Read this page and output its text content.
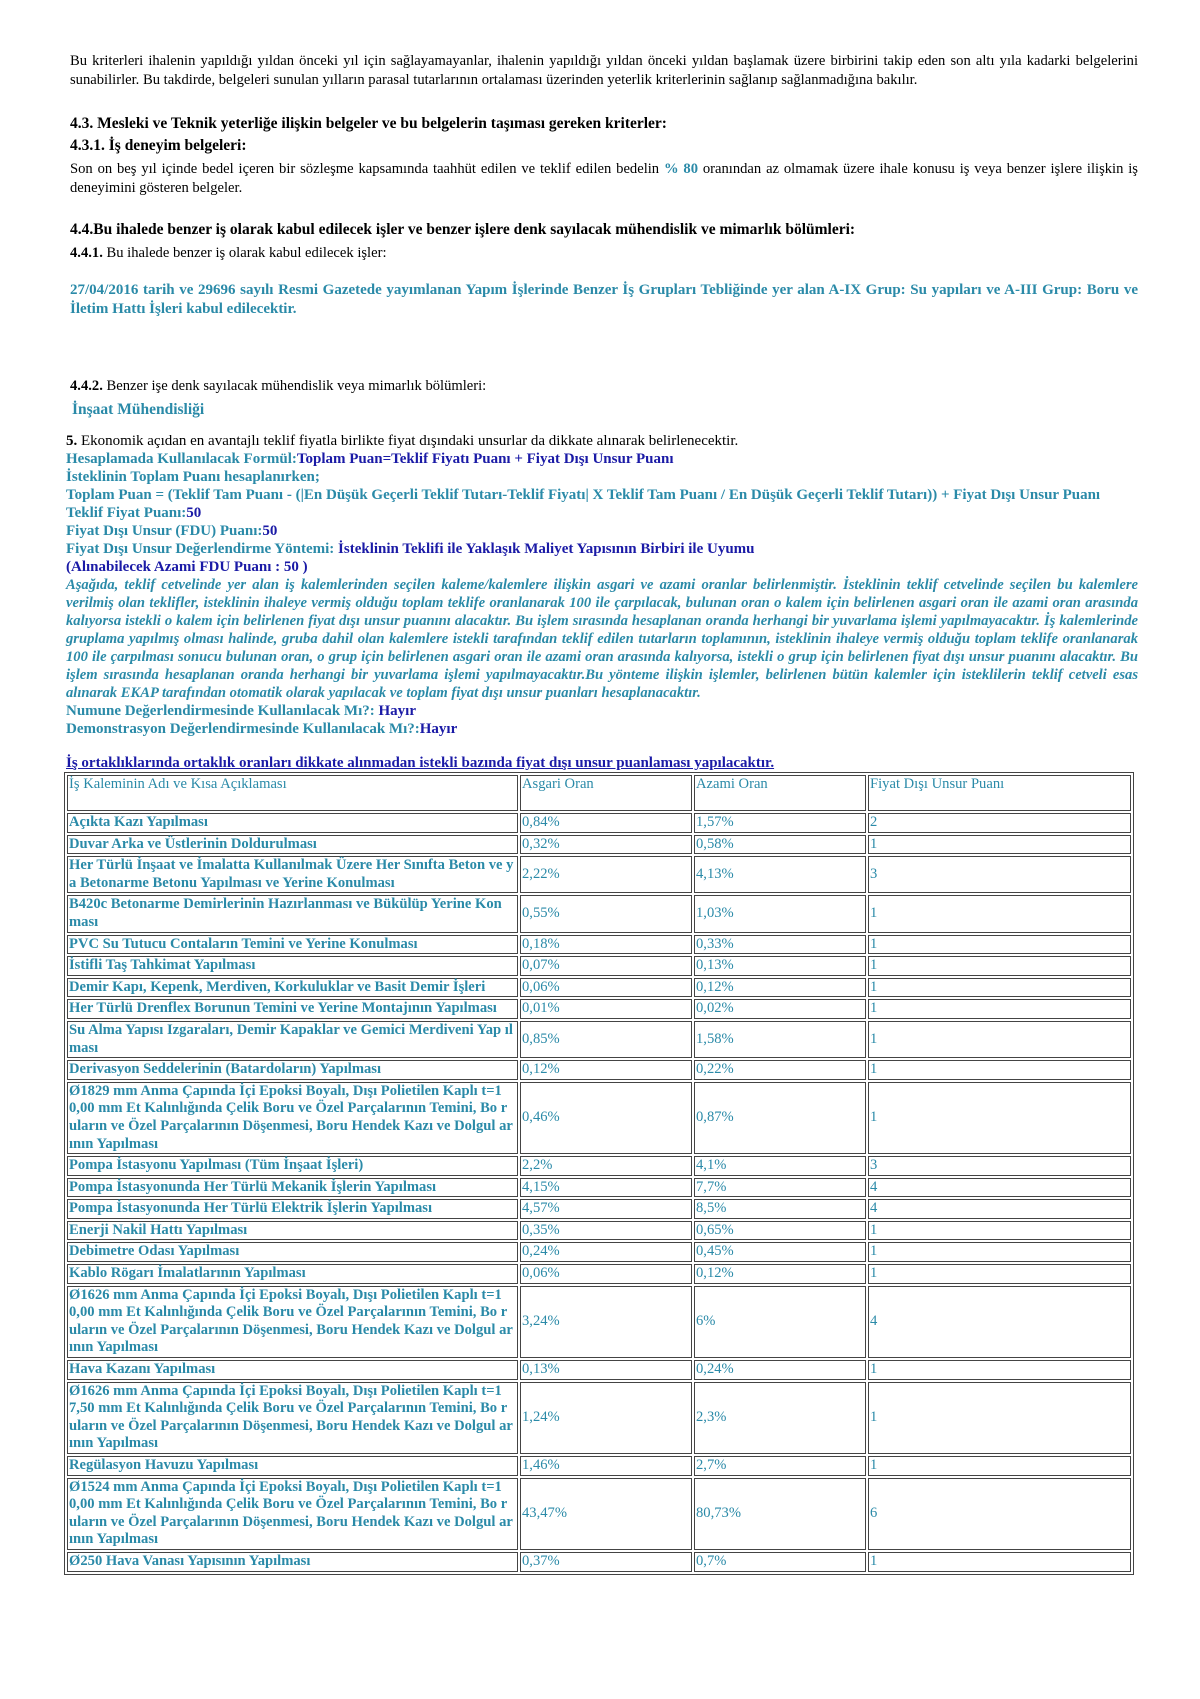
Bu kriterleri ihalenin yapıldığı yıldan önceki yıl için sağlayamayanlar, ihalenin yapıldığı yıldan önceki yıldan başlamak üzere birbirini takip eden son altı yıla kadarki belgelerini sunabilirler. Bu takdirde, belgeleri sunulan yılların parasal tutarlarının ortalaması üzerinden yeterlik kriterlerinin sağlanıp sağlanmadığına bakılır.

4.3. Mesleki ve Teknik yeterliğe ilişkin belgeler ve bu belgelerin taşıması gereken kriterler:

4.3.1. İş deneyim belgeleri:

Son on beş yıl içinde bedel içeren bir sözleşme kapsamında taahhüt edilen ve teklif edilen bedelin % 80 oranından az olmamak üzere ihale konusu iş veya benzer işlere ilişkin iş deneyimini gösteren belgeler.

4.4.Bu ihalede benzer iş olarak kabul edilecek işler ve benzer işlere denk sayılacak mühendislik ve mimarlık bölümleri:

4.4.1. Bu ihalede benzer iş olarak kabul edilecek işler:

27/04/2016 tarih ve 29696 sayılı Resmi Gazetede yayımlanan Yapım İşlerinde Benzer İş Grupları Tebliğinde yer alan A-IX Grup: Su yapıları ve A-III Grup: Boru ve İletim Hattı İşleri kabul edilecektir.

4.4.2. Benzer işe denk sayılacak mühendislik veya mimarlık bölümleri:

İnşaat Mühendisliği

5. Ekonomik açıdan en avantajlı teklif fiyatla birlikte fiyat dışındaki unsurlar da dikkate alınarak belirlenecektir.

Hesaplamada Kullanılacak Formül:Toplam Puan=Teklif Fiyatı Puanı + Fiyat Dışı Unsur Puanı

İsteklinin Toplam Puanı hesaplanırken;

Toplam Puan = (Teklif Tam Puanı - (|En Düşük Geçerli Teklif Tutarı-Teklif Fiyatı| X Teklif Tam Puanı / En Düşük Geçerli Teklif Tutarı)) + Fiyat Dışı Unsur Puanı

Teklif Fiyat Puanı:50

Fiyat Dışı Unsur (FDU) Puanı:50

Fiyat Dışı Unsur Değerlendirme Yöntemi: İsteklinin Teklifi ile Yaklaşık Maliyet Yapısının Birbiri ile Uyumu

(Alınabilecek Azami FDU Puanı : 50 )

Aşağıda, teklif cetvelinde yer alan iş kalemlerinden seçilen kaleme/kalemlere ilişkin asgari ve azami oranlar belirlenmiştir. İsteklinin teklif cetvelinde seçilen bu kalemlere verilmiş olan teklifler, isteklinin ihaleye vermiş olduğu toplam teklife oranlanarak 100 ile çarpılacak, bulunan oran o kalem için belirlenen asgari oran ile azami oran arasında kalıyorsa istekli o kalem için belirlenen fiyat dışı unsur puanını alacaktır. Bu işlem sırasında hesaplanan oranda herhangi bir yuvarlama işlemi yapılmayacaktır. İş kalemlerinde gruplama yapılmış olması halinde, gruba dahil olan kalemlere istekli tarafından teklif edilen tutarların toplamının, isteklinin ihaleye vermiş olduğu toplam teklife oranlanarak 100 ile çarpılması sonucu bulunan oran, o grup için belirlenen asgari oran ile azami oran arasında kalıyorsa, istekli o grup için belirlenen fiyat dışı unsur puanını alacaktır. Bu işlem sırasında hesaplanan oranda herhangi bir yuvarlama işlemi yapılmayacaktır.Bu yönteme ilişkin işlemler, belirlenen bütün kalemler için isteklilerin teklif cetveli esas alınarak EKAP tarafından otomatik olarak yapılacak ve toplam fiyat dışı unsur puanları hesaplanacaktır.

Numune Değerlendirmesinde Kullanılacak Mı?: Hayır

Demonstrasyon Değerlendirmesinde Kullanılacak Mı?:Hayır

İş ortaklıklarında ortaklık oranları dikkate alınmadan istekli bazında fiyat dışı unsur puanlaması yapılacaktır.

İş Kaleminin Adı ve Kısa Açıklaması	Asgari Oran	Azami Oran	Fiyat Dışı Unsur Puanı
Açıkta Kazı Yapılması	0,84%	1,57%	2
Duvar Arka ve Üstlerinin Doldurulması	0,32%	0,58%	1
Her Türlü İnşaat ve İmalatta Kullanılmak Üzere Her Sınıfta Beton ve ya Betonarme Betonu Yapılması ve Yerine Konulması	2,22%	4,13%	3
B420c Betonarme Demirlerinin Hazırlanması ve Bükülüp Yerine Kon ması	0,55%	1,03%	1
PVC Su Tutucu Contaların Temini ve Yerine Konulması	0,18%	0,33%	1
İstifli Taş Tahkimat Yapılması	0,07%	0,13%	1
Demir Kapı, Kepenk, Merdiven, Korkuluklar ve Basit Demir İşleri	0,06%	0,12%	1
Her Türlü Drenflex Borunun Temini ve Yerine Montajının Yapılması	0,01%	0,02%	1
Su Alma Yapısı Izgaraları, Demir Kapaklar ve Gemici Merdiveni Yap ılması	0,85%	1,58%	1
Derivasyon Seddelerinin (Batardoların) Yapılması	0,12%	0,22%	1
Ø1829 mm Anma Çapında İçi Epoksi Boyalı, Dışı Polietilen Kaplı t=1 0,00 mm Et Kalınlığında Çelik Boru ve Özel Parçalarının Temini, Bo ruların ve Özel Parçalarının Döşenmesi, Boru Hendek Kazı ve Dolgul arının Yapılması	0,46%	0,87%	1
Pompa İstasyonu Yapılması (Tüm İnşaat İşleri)	2,2%	4,1%	3
Pompa İstasyonunda Her Türlü Mekanik İşlerin Yapılması	4,15%	7,7%	4
Pompa İstasyonunda Her Türlü Elektrik İşlerin Yapılması	4,57%	8,5%	4
Enerji Nakil Hattı Yapılması	0,35%	0,65%	1
Debimetre Odası Yapılması	0,24%	0,45%	1
Kablo Rögarı İmalatlarının Yapılması	0,06%	0,12%	1
Ø1626 mm Anma Çapında İçi Epoksi Boyalı, Dışı Polietilen Kaplı t=1 0,00 mm Et Kalınlığında Çelik Boru ve Özel Parçalarının Temini, Bo ruların ve Özel Parçalarının Döşenmesi, Boru Hendek Kazı ve Dolgul arının Yapılması	3,24%	6%	4
Hava Kazanı Yapılması	0,13%	0,24%	1
Ø1626 mm Anma Çapında İçi Epoksi Boyalı, Dışı Polietilen Kaplı t=1 7,50 mm Et Kalınlığında Çelik Boru ve Özel Parçalarının Temini, Bo ruların ve Özel Parçalarının Döşenmesi, Boru Hendek Kazı ve Dolgul arının Yapılması	1,24%	2,3%	1
Regülasyon Havuzu Yapılması	1,46%	2,7%	1
Ø1524 mm Anma Çapında İçi Epoksi Boyalı, Dışı Polietilen Kaplı t=1 0,00 mm Et Kalınlığında Çelik Boru ve Özel Parçalarının Temini, Bo ruların ve Özel Parçalarının Döşenmesi, Boru Hendek Kazı ve Dolgul arının Yapılması	43,47%	80,73%	6
Ø250 Hava Vanası Yapısının Yapılması	0,37%	0,7%	1
